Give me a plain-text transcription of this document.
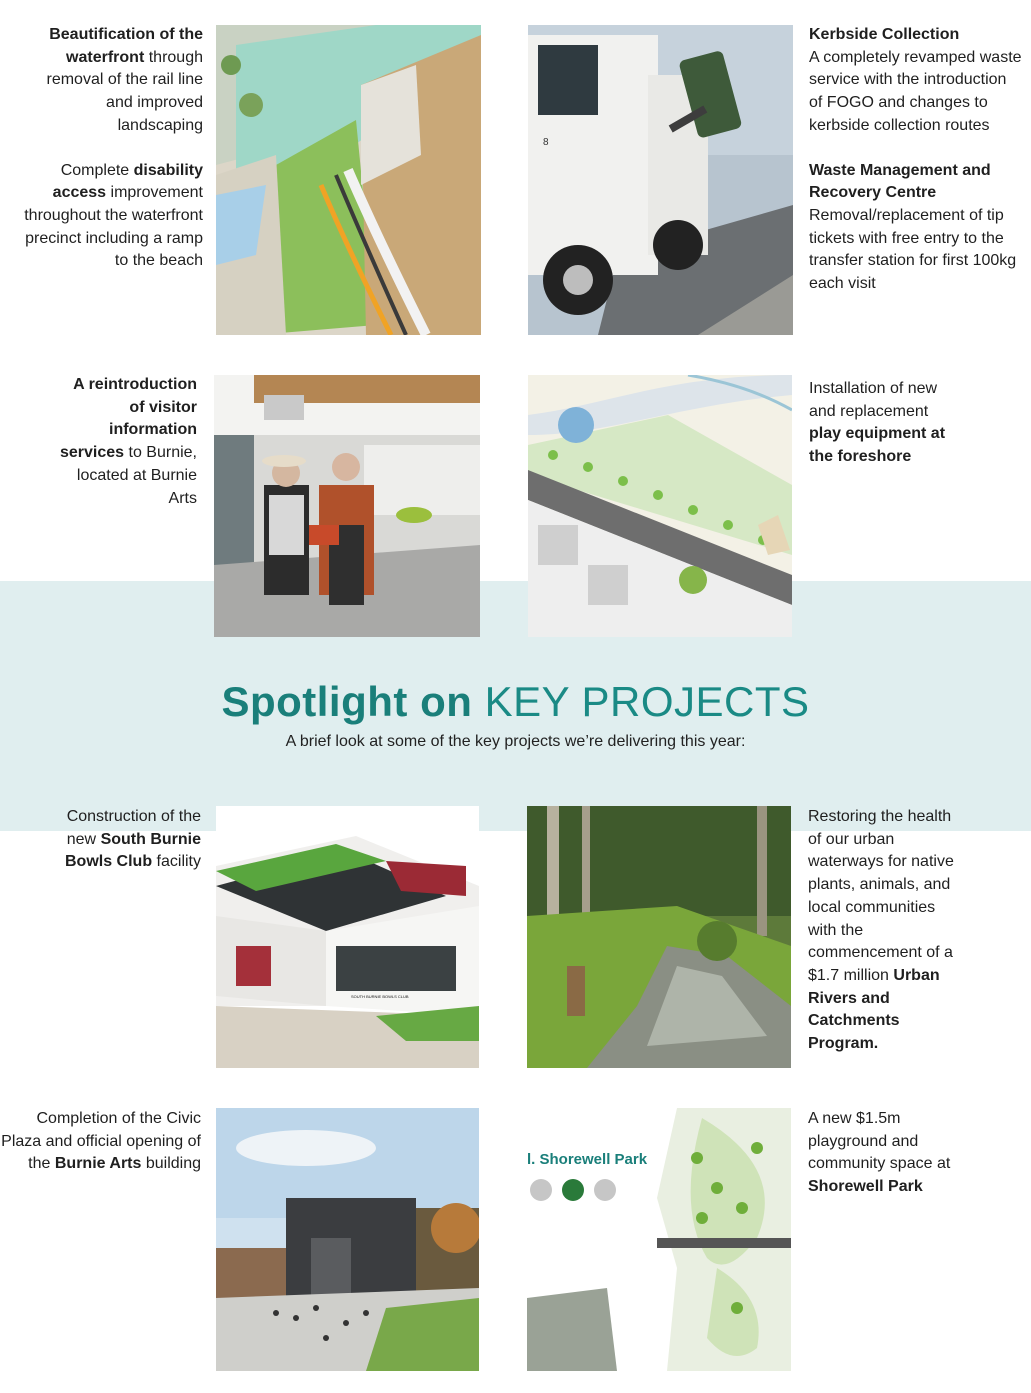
Beautification of the waterfront through removal of the rail line and improved landscaping

Complete disability access improvement throughout the waterfront precinct including a ramp to the beach

8

Kerbside Collection
A completely revamped waste service with the introduction of FOGO and changes to kerbside collection routes

Waste Management and Recovery Centre
Removal/replacement of tip tickets with free entry to the transfer station for first 100kg each visit

A reintroduction of visitor information services to Burnie, located at Burnie Arts

Installation of new and replacement play equipment at the foreshore

Spotlight on KEY PROJECTS
A brief look at some of the key projects we’re delivering this year:

Construction of the new South Burnie Bowls Club facility

SOUTH BURNIE BOWLS CLUB

Restoring the health of our urban waterways for native plants, animals, and local communities with the commencement of a $1.7 million Urban Rivers and Catchments Program.

Completion of the Civic Plaza and official opening of the Burnie Arts building	l. Shorewell Park

A new $1.5m playground and community space at Shorewell Park
